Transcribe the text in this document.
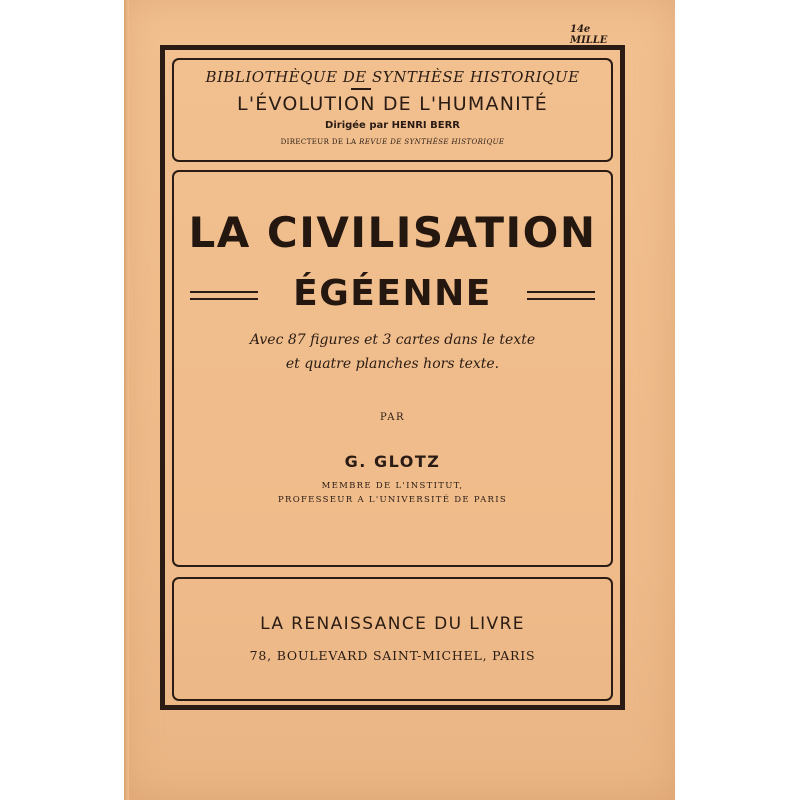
14e MILLE
BIBLIOTHÈQUE DE SYNTHÈSE HISTORIQUE
L'ÉVOLUTION DE L'HUMANITÉ
Dirigée par HENRI BERR
DIRECTEUR DE LA REVUE DE SYNTHÈSE HISTORIQUE
LA CIVILISATION
ÉGÉENNE
Avec 87 figures et 3 cartes dans le texte
et quatre planches hors texte.
PAR
G. GLOTZ
MEMBRE DE L'INSTITUT,
PROFESSEUR A L'UNIVERSITÉ DE PARIS
LA RENAISSANCE DU LIVRE
78, BOULEVARD SAINT-MICHEL, PARIS
